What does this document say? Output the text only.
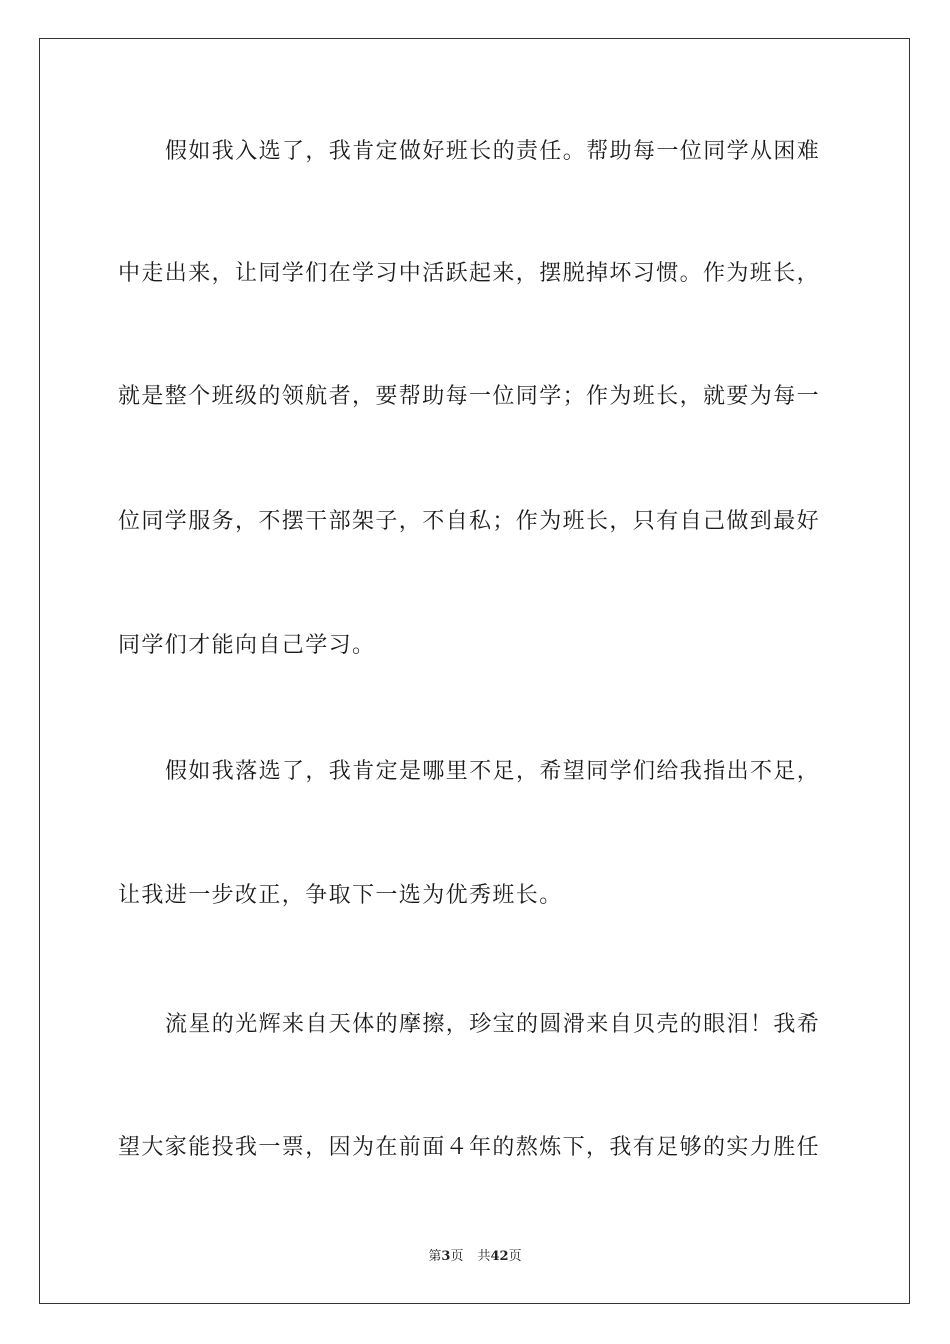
假如我入选了，我肯定做好班长的责任。帮助每一位同学从困难
中走出来，让同学们在学习中活跃起来，摆脱掉坏习惯。作为班长，
就是整个班级的领航者，要帮助每一位同学；作为班长，就要为每一
位同学服务，不摆干部架子，不自私；作为班长，只有自己做到最好
同学们才能向自己学习。
假如我落选了，我肯定是哪里不足，希望同学们给我指出不足，
让我进一步改正，争取下一选为优秀班长。
流星的光辉来自天体的摩擦，珍宝的圆滑来自贝壳的眼泪！我希
望大家能投我一票，因为在前面４年的熬炼下，我有足够的实力胜任
第3页 共42页
